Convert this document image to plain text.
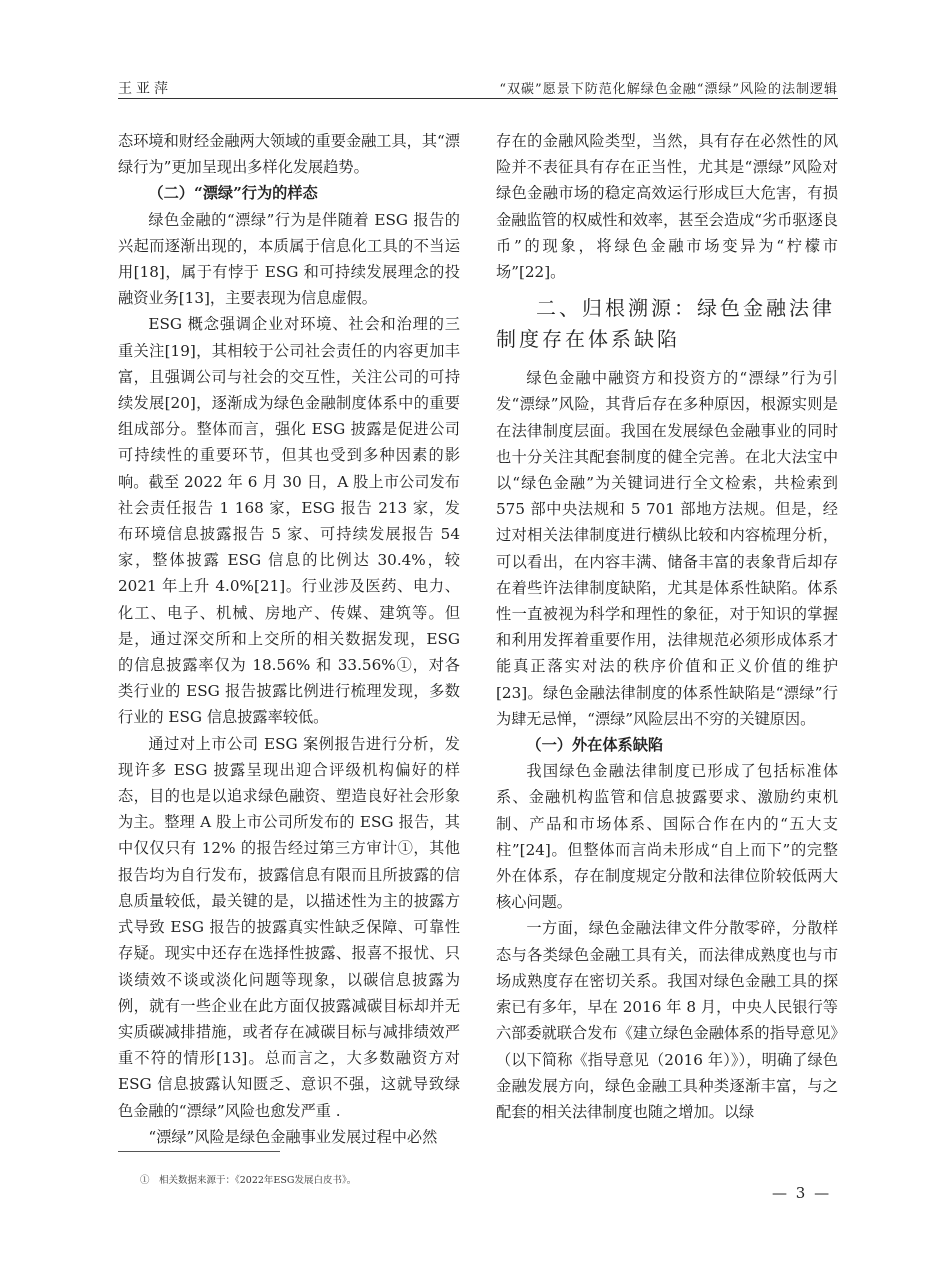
王亚萍	“双碳”愿景下防范化解绿色金融“漂绿”风险的法制逻辑

态环境和财经金融两大领域的重要金融工具，其“漂绿行为”更加呈现出多样化发展趋势。

（二）“漂绿”行为的样态

绿色金融的“漂绿”行为是伴随着 ESG 报告的兴起而逐渐出现的，本质属于信息化工具的不当运用[18]，属于有悖于 ESG 和可持续发展理念的投融资业务[13]，主要表现为信息虚假。

ESG 概念强调企业对环境、社会和治理的三重关注[19]，其相较于公司社会责任的内容更加丰富，且强调公司与社会的交互性，关注公司的可持续发展[20]，逐渐成为绿色金融制度体系中的重要组成部分。整体而言，强化 ESG 披露是促进公司可持续性的重要环节，但其也受到多种因素的影响。截至 2022 年 6 月 30 日，A 股上市公司发布社会责任报告 1 168 家，ESG 报告 213 家，发布环境信息披露报告 5 家、可持续发展报告 54 家，整体披露 ESG 信息的比例达 30.4%，较 2021 年上升 4.0%[21]。行业涉及医药、电力、化工、电子、机械、房地产、传媒、建筑等。但是，通过深交所和上交所的相关数据发现，ESG 的信息披露率仅为 18.56% 和 33.56%①，对各类行业的 ESG 报告披露比例进行梳理发现，多数行业的 ESG 信息披露率较低。

通过对上市公司 ESG 案例报告进行分析，发现许多 ESG 披露呈现出迎合评级机构偏好的样态，目的也是以追求绿色融资、塑造良好社会形象为主。整理 A 股上市公司所发布的 ESG 报告，其中仅仅只有 12% 的报告经过第三方审计①，其他报告均为自行发布，披露信息有限而且所披露的信息质量较低，最关键的是，以描述性为主的披露方式导致 ESG 报告的披露真实性缺乏保障、可靠性存疑。现实中还存在选择性披露、报喜不报忧、只谈绩效不谈或淡化问题等现象，以碳信息披露为例，就有一些企业在此方面仅披露减碳目标却并无实质碳减排措施，或者存在减碳目标与减排绩效严重不符的情形[13]。总而言之，大多数融资方对 ESG 信息披露认知匮乏、意识不强，这就导致绿色金融的“漂绿”风险也愈发严重 .

“漂绿”风险是绿色金融事业发展过程中必然

存在的金融风险类型，当然，具有存在必然性的风险并不表征具有存在正当性，尤其是“漂绿”风险对绿色金融市场的稳定高效运行形成巨大危害，有损金融监管的权威性和效率，甚至会造成“劣币驱逐良币”的现象，将绿色金融市场变异为“柠檬市场”[22]。

二、归根溯源：绿色金融法律制度存在体系缺陷

绿色金融中融资方和投资方的“漂绿”行为引发“漂绿”风险，其背后存在多种原因，根源实则是在法律制度层面。我国在发展绿色金融事业的同时也十分关注其配套制度的健全完善。在北大法宝中以“绿色金融”为关键词进行全文检索，共检索到 575 部中央法规和 5 701 部地方法规。但是，经过对相关法律制度进行横纵比较和内容梳理分析，可以看出，在内容丰满、储备丰富的表象背后却存在着些许法律制度缺陷，尤其是体系性缺陷。体系性一直被视为科学和理性的象征，对于知识的掌握和利用发挥着重要作用，法律规范必须形成体系才能真正落实对法的秩序价值和正义价值的维护[23]。绿色金融法律制度的体系性缺陷是“漂绿”行为肆无忌惮，“漂绿”风险层出不穷的关键原因。

（一）外在体系缺陷

我国绿色金融法律制度已形成了包括标准体系、金融机构监管和信息披露要求、激励约束机制、产品和市场体系、国际合作在内的“五大支柱”[24]。但整体而言尚未形成“自上而下”的完整外在体系，存在制度规定分散和法律位阶较低两大核心问题。

一方面，绿色金融法律文件分散零碎，分散样态与各类绿色金融工具有关，而法律成熟度也与市场成熟度存在密切关系。我国对绿色金融工具的探索已有多年，早在 2016 年 8 月，中央人民银行等六部委就联合发布《建立绿色金融体系的指导意见》（以下简称《指导意见（2016 年）》），明确了绿色金融发展方向，绿色金融工具种类逐渐丰富，与之配套的相关法律制度也随之增加。以绿

①　相关数据来源于：《2022年ESG发展白皮书》。
— 3 —
